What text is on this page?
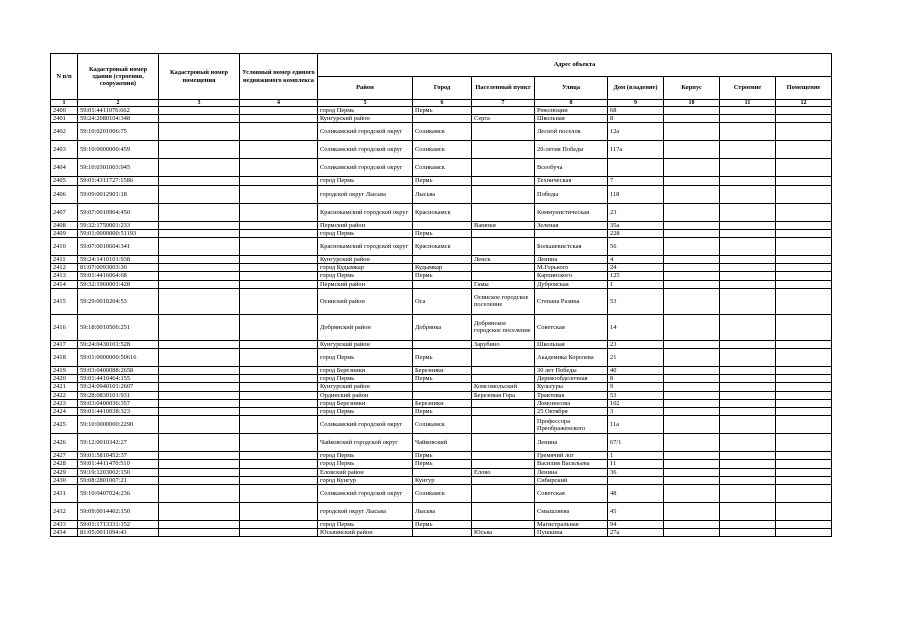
N п/п	Кадастровый номер здания (строения, сооружения)	Кадастровый номер помещения	Условный номер единого недвижимого комплекса	Адрес объекта							
				Район	Город	Населенный пункт	Улица	Дом (владение)	Корпус	Строение	Помещение
1	2	3	4	5	6	7	8	9	10	11	12
2400	59:01:4411076:662			город Пермь	Пермь		Революции	68			
2401	59:24:2080104:348			Кунгурский район		Серга	Школьная	8			
2402	59:10:0201006:75			Соликамский городской округ	Соликамск		Лесной поселок	12а			
2403	59:10:0000000:459			Соликамский городской округ	Соликамск		20-летия Победы	117а			
2404	59:10:0301003:945			Соликамский городской округ	Соликамск		Всеобуча				
2405	59:01:4311727:1586			город Пермь	Пермь		Техническая	7			
2406	59:09:0012901:18			городской округ Лысьва	Лысьва		Победы	118			
2407	59:07:0010904:450			Краснокамский городской округ	Краснокамск		Коммунистическая	23			
2408	59:32:1750001:233			Пермский район		Ванюки	Зеленая	35а			
2409	59:01:0000000:51193			город Пермь	Пермь			228			
2410	59:07:0010604:341			Краснокамский городской округ	Краснокамск		Большевистская	56			
2411	59:24:1410101:938			Кунгурский район		Ленск	Ленина	4			
2412	81:07:0093003:30			город Кудымкар	Кудымкар		М.Горького	24			
2413	59:01:4416064:68			город Пермь	Пермь		Карпинского	125			
2414	59:32:1960001:428			Пермский район		Гамы	Дубровская	1			
2415	59:29:0010204:53			Осинский район	Оса	Осинское городское поселение	Степана Разина	53			
2416	59:18:0010506:251			Добрянский район	Добрянка	Добрянское городское поселение	Советская	14			
2417	59:24:0430101:528			Кунгурский район		Зарубино	Школьная	23			
2418	59:01:0000000:50616			город Пермь	Пермь		Академика Королева	21			
2419	59:03:0400088:2658			город Березники	Березники		30 лет Победы	40			
2420	59:01:4410464:155			город Пермь	Пермь		Деревообделочная	8			
2421	59:24:0940101:2607			Кунгурский район		Комсомольский	Культуры	9			
2422	59:28:0830101:931			Ординский район		Березовая Гора	Трактовая	53			
2423	59:03:0400036:357			город Березники	Березники		Ломоносова	102			
2424	59:01:4410038:323			город Пермь	Пермь		25 Октября	3			
2425	59:10:0000000:2290			Соликамский городской округ	Соликамск		Профессора Преображенского	11а			
2426	59:12:0010342:27			Чайковский городской округ	Чайковский		Ленина	67/1			
2427	59:01:5810452:37			город Пермь	Пермь		Гремячий лог	1			
2428	59:01:4411470:510			город Пермь	Пермь		Василия Васильева	11			
2429	59:19:1203002:150			Еловский район		Елово	Ленина	36			
2430	59:08:2801007:21			город Кунгур	Кунгур		Сибирский				
2431	59:10:0407024:236			Соликамский городской округ	Соликамск		Советская	48			
2432	59:09:0014402:150			городской округ Лысьва	Лысьва		Смышляева	45			
2433	59:01:1713331:152			город Пермь	Пермь		Магистральная	94			
2434	81:05:0011094:43			Юсьвинский район		Юсьва	Пушкина	27а			
